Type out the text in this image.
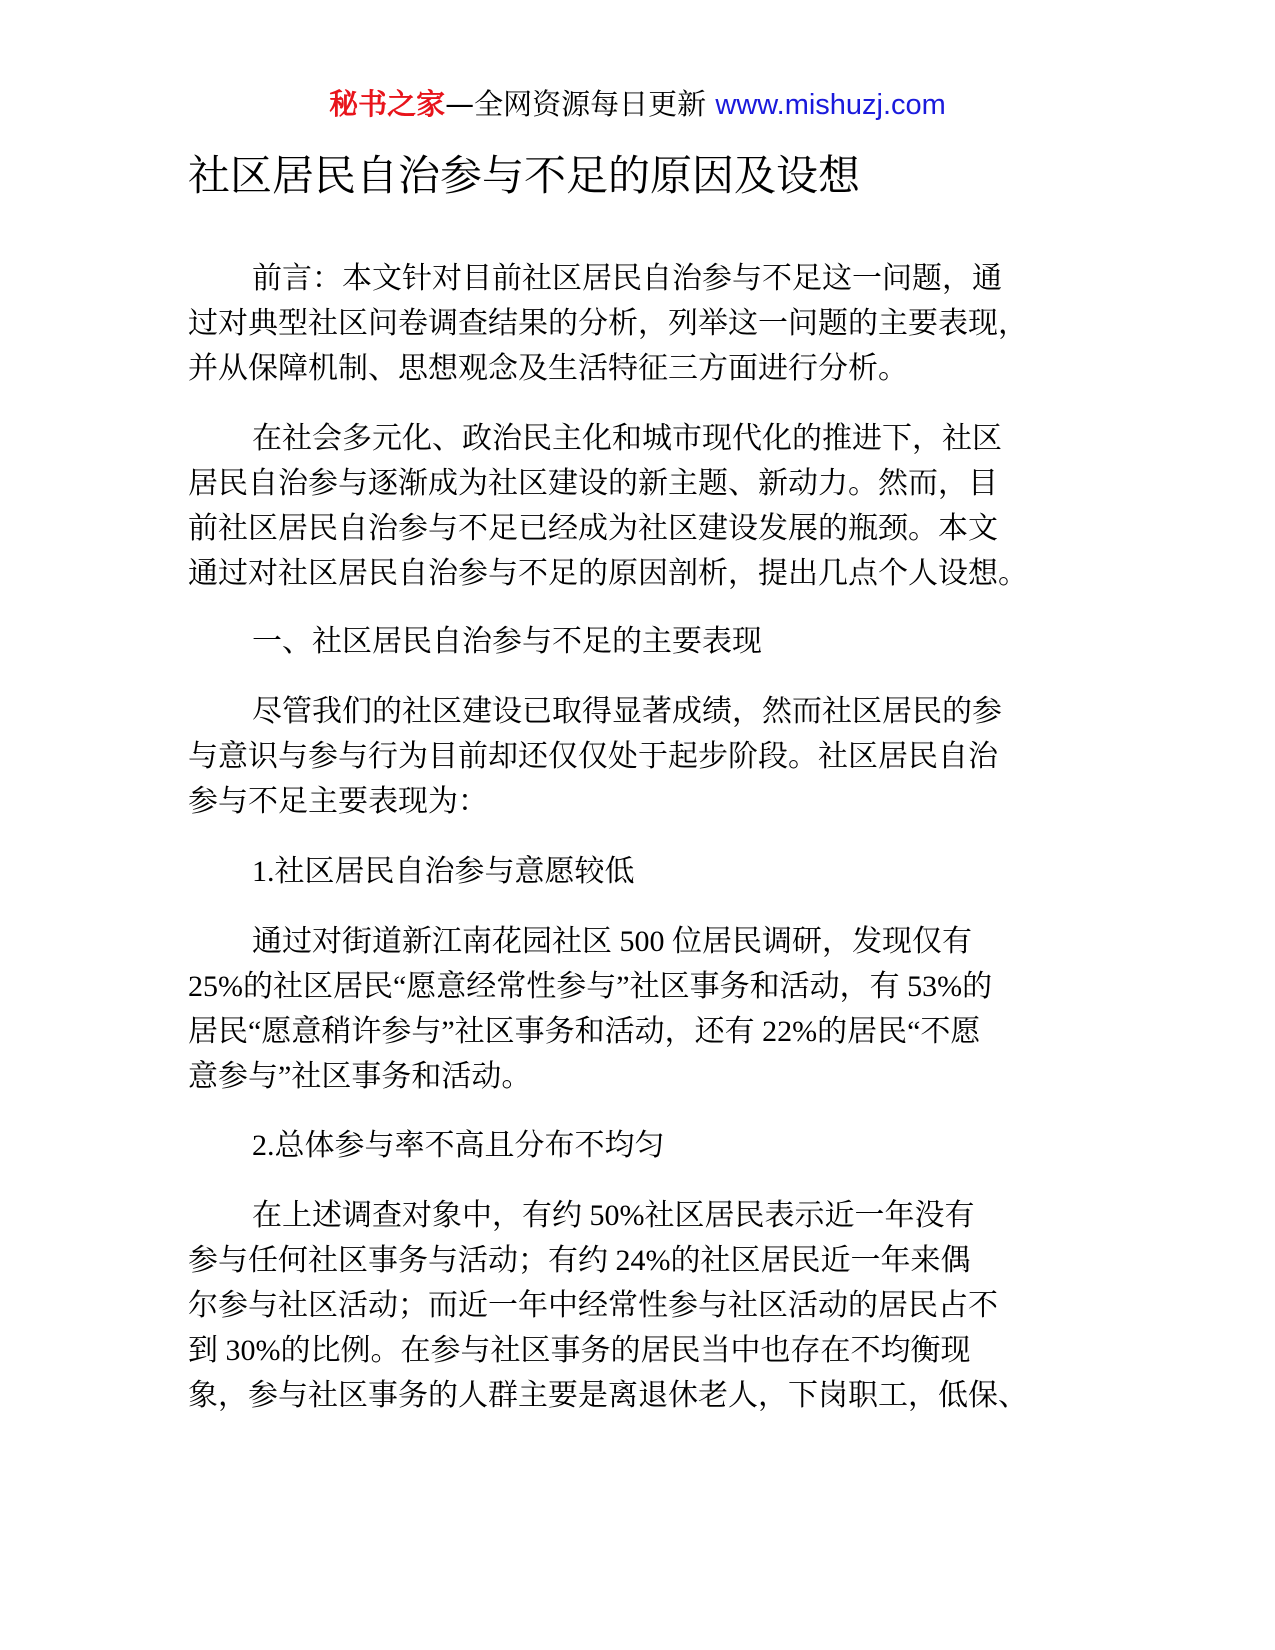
秘书之家—全网资源每日更新 www.mishuzj.com
社区居民自治参与不足的原因及设想
前言：本文针对目前社区居民自治参与不足这一问题，通
过对典型社区问卷调查结果的分析，列举这一问题的主要表现，
并从保障机制、思想观念及生活特征三方面进行分析。
在社会多元化、政治民主化和城市现代化的推进下，社区
居民自治参与逐渐成为社区建设的新主题、新动力。然而，目
前社区居民自治参与不足已经成为社区建设发展的瓶颈。本文
通过对社区居民自治参与不足的原因剖析，提出几点个人设想。
一、社区居民自治参与不足的主要表现
尽管我们的社区建设已取得显著成绩，然而社区居民的参
与意识与参与行为目前却还仅仅处于起步阶段。社区居民自治
参与不足主要表现为：
1.社区居民自治参与意愿较低
通过对街道新江南花园社区 500 位居民调研，发现仅有
25%的社区居民“愿意经常性参与”社区事务和活动，有 53%的
居民“愿意稍许参与”社区事务和活动，还有 22%的居民“不愿
意参与”社区事务和活动。
2.总体参与率不高且分布不均匀
在上述调查对象中，有约 50%社区居民表示近一年没有
参与任何社区事务与活动；有约 24%的社区居民近一年来偶
尔参与社区活动；而近一年中经常性参与社区活动的居民占不
到 30%的比例。在参与社区事务的居民当中也存在不均衡现
象，参与社区事务的人群主要是离退休老人，下岗职工，低保、
